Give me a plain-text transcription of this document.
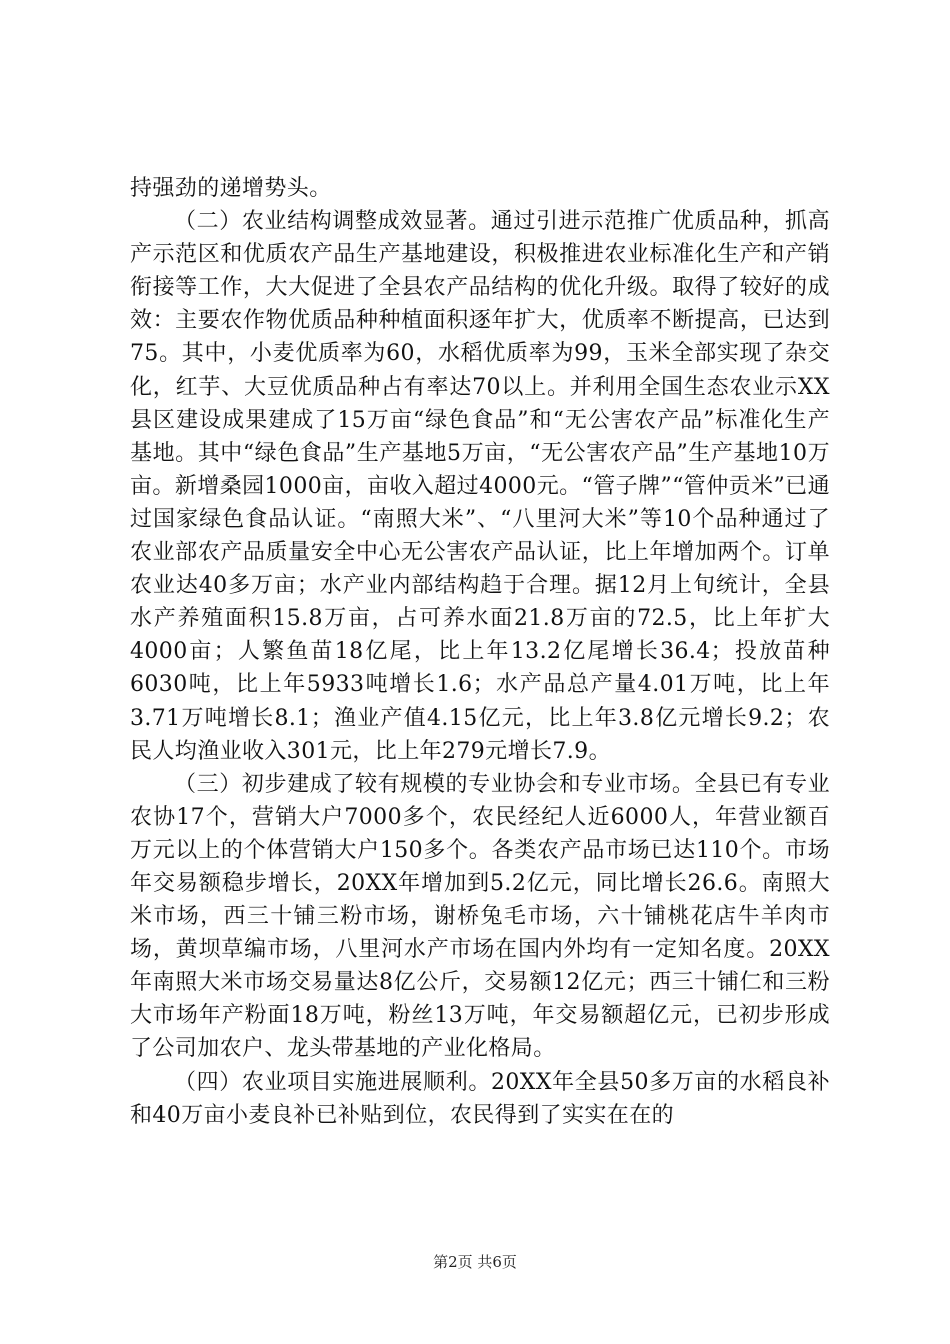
持强劲的递增势头。

（二）农业结构调整成效显著。通过引进示范推广优质品种，抓高产示范区和优质农产品生产基地建设，积极推进农业标准化生产和产销衔接等工作，大大促进了全县农产品结构的优化升级。取得了较好的成效：主要农作物优质品种种植面积逐年扩大，优质率不断提高，已达到75。其中，小麦优质率为60，水稻优质率为99，玉米全部实现了杂交化，红芋、大豆优质品种占有率达70以上。并利用全国生态农业示XX县区建设成果建成了15万亩“绿色食品”和“无公害农产品”标准化生产基地。其中“绿色食品”生产基地5万亩，“无公害农产品”生产基地10万亩。新增桑园1000亩，亩收入超过4000元。“管子牌”“管仲贡米”已通过国家绿色食品认证。“南照大米”、“八里河大米”等10个品种通过了农业部农产品质量安全中心无公害农产品认证，比上年增加两个。订单农业达40多万亩；水产业内部结构趋于合理。据12月上旬统计，全县水产养殖面积15.8万亩，占可养水面21.8万亩的72.5，比上年扩大4000亩；人繁鱼苗18亿尾，比上年13.2亿尾增长36.4；投放苗种6030吨，比上年5933吨增长1.6；水产品总产量4.01万吨，比上年3.71万吨增长8.1；渔业产值4.15亿元，比上年3.8亿元增长9.2；农民人均渔业收入301元，比上年279元增长7.9。

（三）初步建成了较有规模的专业协会和专业市场。全县已有专业农协17个，营销大户7000多个，农民经纪人近6000人，年营业额百万元以上的个体营销大户150多个。各类农产品市场已达110个。市场年交易额稳步增长，20XX年增加到5.2亿元，同比增长26.6。南照大米市场，西三十铺三粉市场，谢桥兔毛市场，六十铺桃花店牛羊肉市场，黄坝草编市场，八里河水产市场在国内外均有一定知名度。20XX年南照大米市场交易量达8亿公斤，交易额12亿元；西三十铺仁和三粉大市场年产粉面18万吨，粉丝13万吨，年交易额超亿元，已初步形成了公司加农户、龙头带基地的产业化格局。

（四）农业项目实施进展顺利。20XX年全县50多万亩的水稻良补和40万亩小麦良补已补贴到位，农民得到了实实在在的

第2页 共6页
